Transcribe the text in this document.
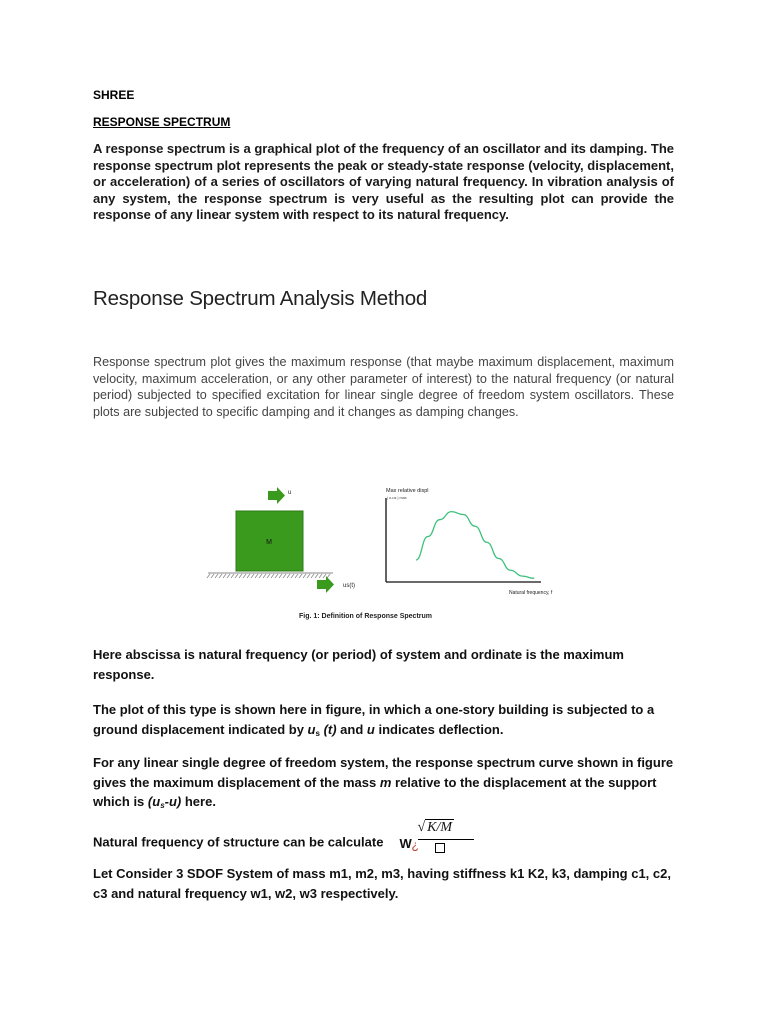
SHREE
RESPONSE SPECTRUM
A response spectrum is a graphical plot of the frequency of an oscillator and its damping. The response spectrum plot represents the peak or steady-state response (velocity, displacement, or acceleration) of a series of oscillators of varying natural frequency. In vibration analysis of any system, the response spectrum is very useful as the resulting plot can provide the response of any linear system with respect to its natural frequency.
Response Spectrum Analysis Method
Response spectrum plot gives the maximum response (that maybe maximum displacement, maximum velocity, maximum acceleration, or any other parameter of interest) to the natural frequency (or natural period) subjected to specified excitation for linear single degree of freedom system oscillators. These plots are subjected to specific damping and it changes as damping changes.
M
u
us(t)
Max relative displ
| u-us | max
Natural frequency, f
Fig. 1: Definition of Response Spectrum
Here abscissa is natural frequency (or period) of system and ordinate is the maximum response.
The plot of this type is shown here in figure, in which a one-story building is subjected to a ground displacement indicated by $u_s$ (t) and u indicates deflection.
For any linear single degree of freedom system, the response spectrum curve shown in figure gives the maximum displacement of the mass m relative to the displacement at the support which is $(u_s-u)$ here.
Natural frequency of structure can be calculate W ¿
√ K/M
Let Consider 3 SDOF System of mass m1, m2, m3, having stiffness k1 K2, k3, damping c1, c2, c3 and natural frequency w1, w2, w3 respectively.
